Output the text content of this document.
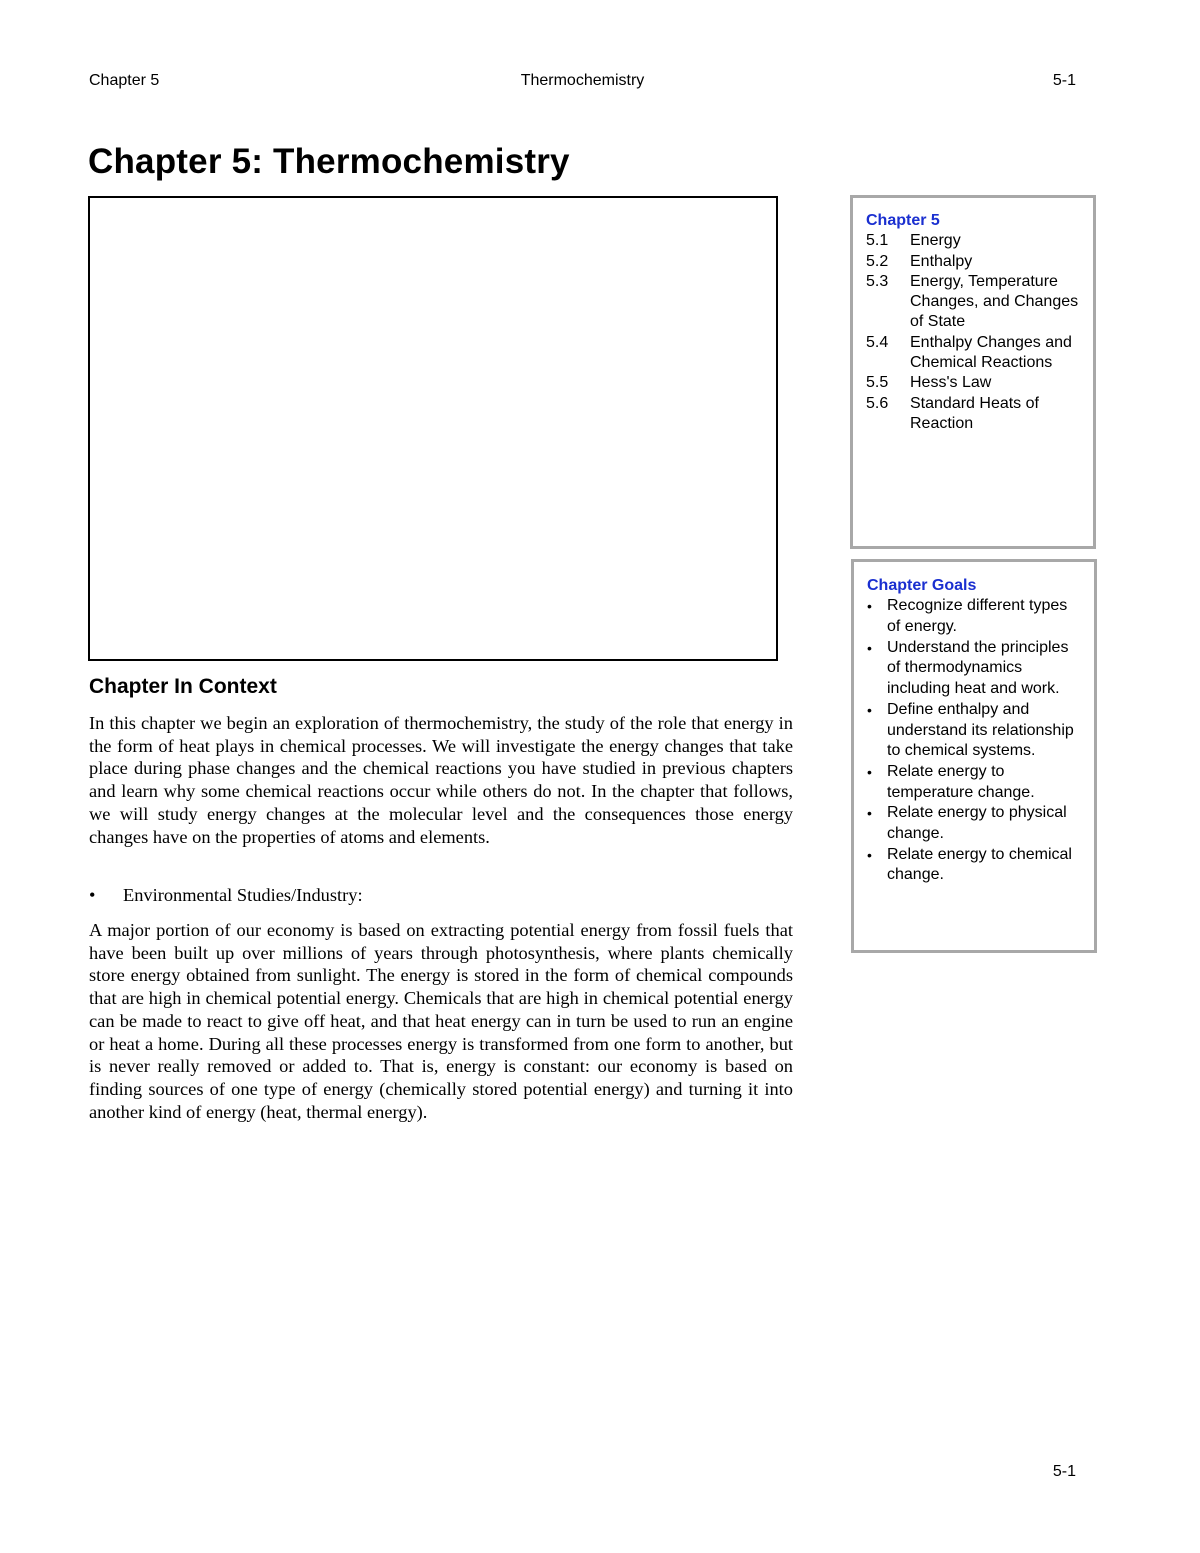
Chapter 5	Thermochemistry	5-1
Chapter 5: Thermochemistry
Chapter In Context

In this chapter we begin an exploration of thermochemistry, the study of the role that energy in the form of heat plays in chemical processes. We will investigate the energy changes that take place during phase changes and the chemical reactions you have studied in previous chapters and learn why some chemical reactions occur while others do not. In the chapter that follows, we will study energy changes at the molecular level and the consequences those energy changes have on the properties of atoms and elements.

• Environmental Studies/Industry:

A major portion of our economy is based on extracting potential energy from fossil fuels that have been built up over millions of years through photosynthesis, where plants chemically store energy obtained from sunlight. The energy is stored in the form of chemical compounds that are high in chemical potential energy. Chemicals that are high in chemical potential energy can be made to react to give off heat, and that heat energy can in turn be used to run an engine or heat a home. During all these processes energy is transformed from one form to another, but is never really removed or added to. That is, energy is constant: our economy is based on finding sources of one type of energy (chemically stored potential energy) and turning it into another kind of energy (heat, thermal energy).

Chapter 5

5.1	Energy
5.2	Enthalpy
5.3	Energy, Temperature Changes, and Changes of State
5.4	Enthalpy Changes and Chemical Reactions
5.5	Hess's Law
5.6	Standard Heats of Reaction

Chapter Goals

• Recognize different types of energy.
• Understand the principles of thermodynamics including heat and work.
• Define enthalpy and understand its relationship to chemical systems.
• Relate energy to temperature change.
• Relate energy to physical change.
• Relate energy to chemical change.
5-1
